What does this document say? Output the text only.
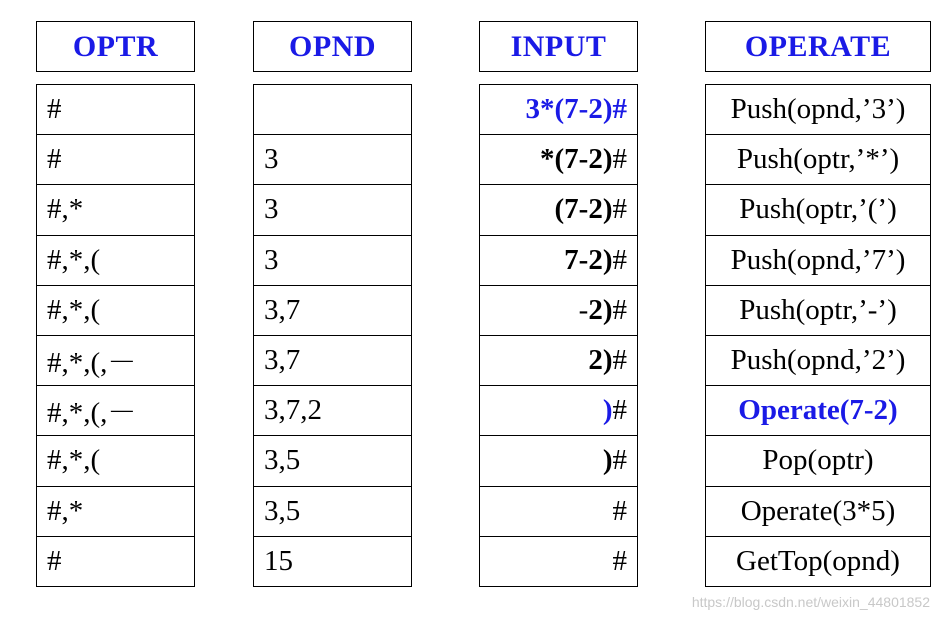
OPTR
#
#
#,*
#,*,(
#,*,(
#,*,(,－
#,*,(,－
#,*,(
#,*
#
OPND
3
3
3
3,7
3,7
3,7,2
3,5
3,5
15
INPUT
3*(7-2) #
*(7-2) #
(7-2) #
7-2) #
- 2) #
2) #
) #
) #
#
#
OPERATE
Push(opnd,’3’)
Push(optr,’*’)
Push(optr,’(’)
Push(opnd,’7’)
Push(optr,’-’)
Push(opnd,’2’)
Operate(7-2)
Pop(optr)
Operate(3*5)
GetTop(opnd)
https://blog.csdn.net/weixin_44801852
